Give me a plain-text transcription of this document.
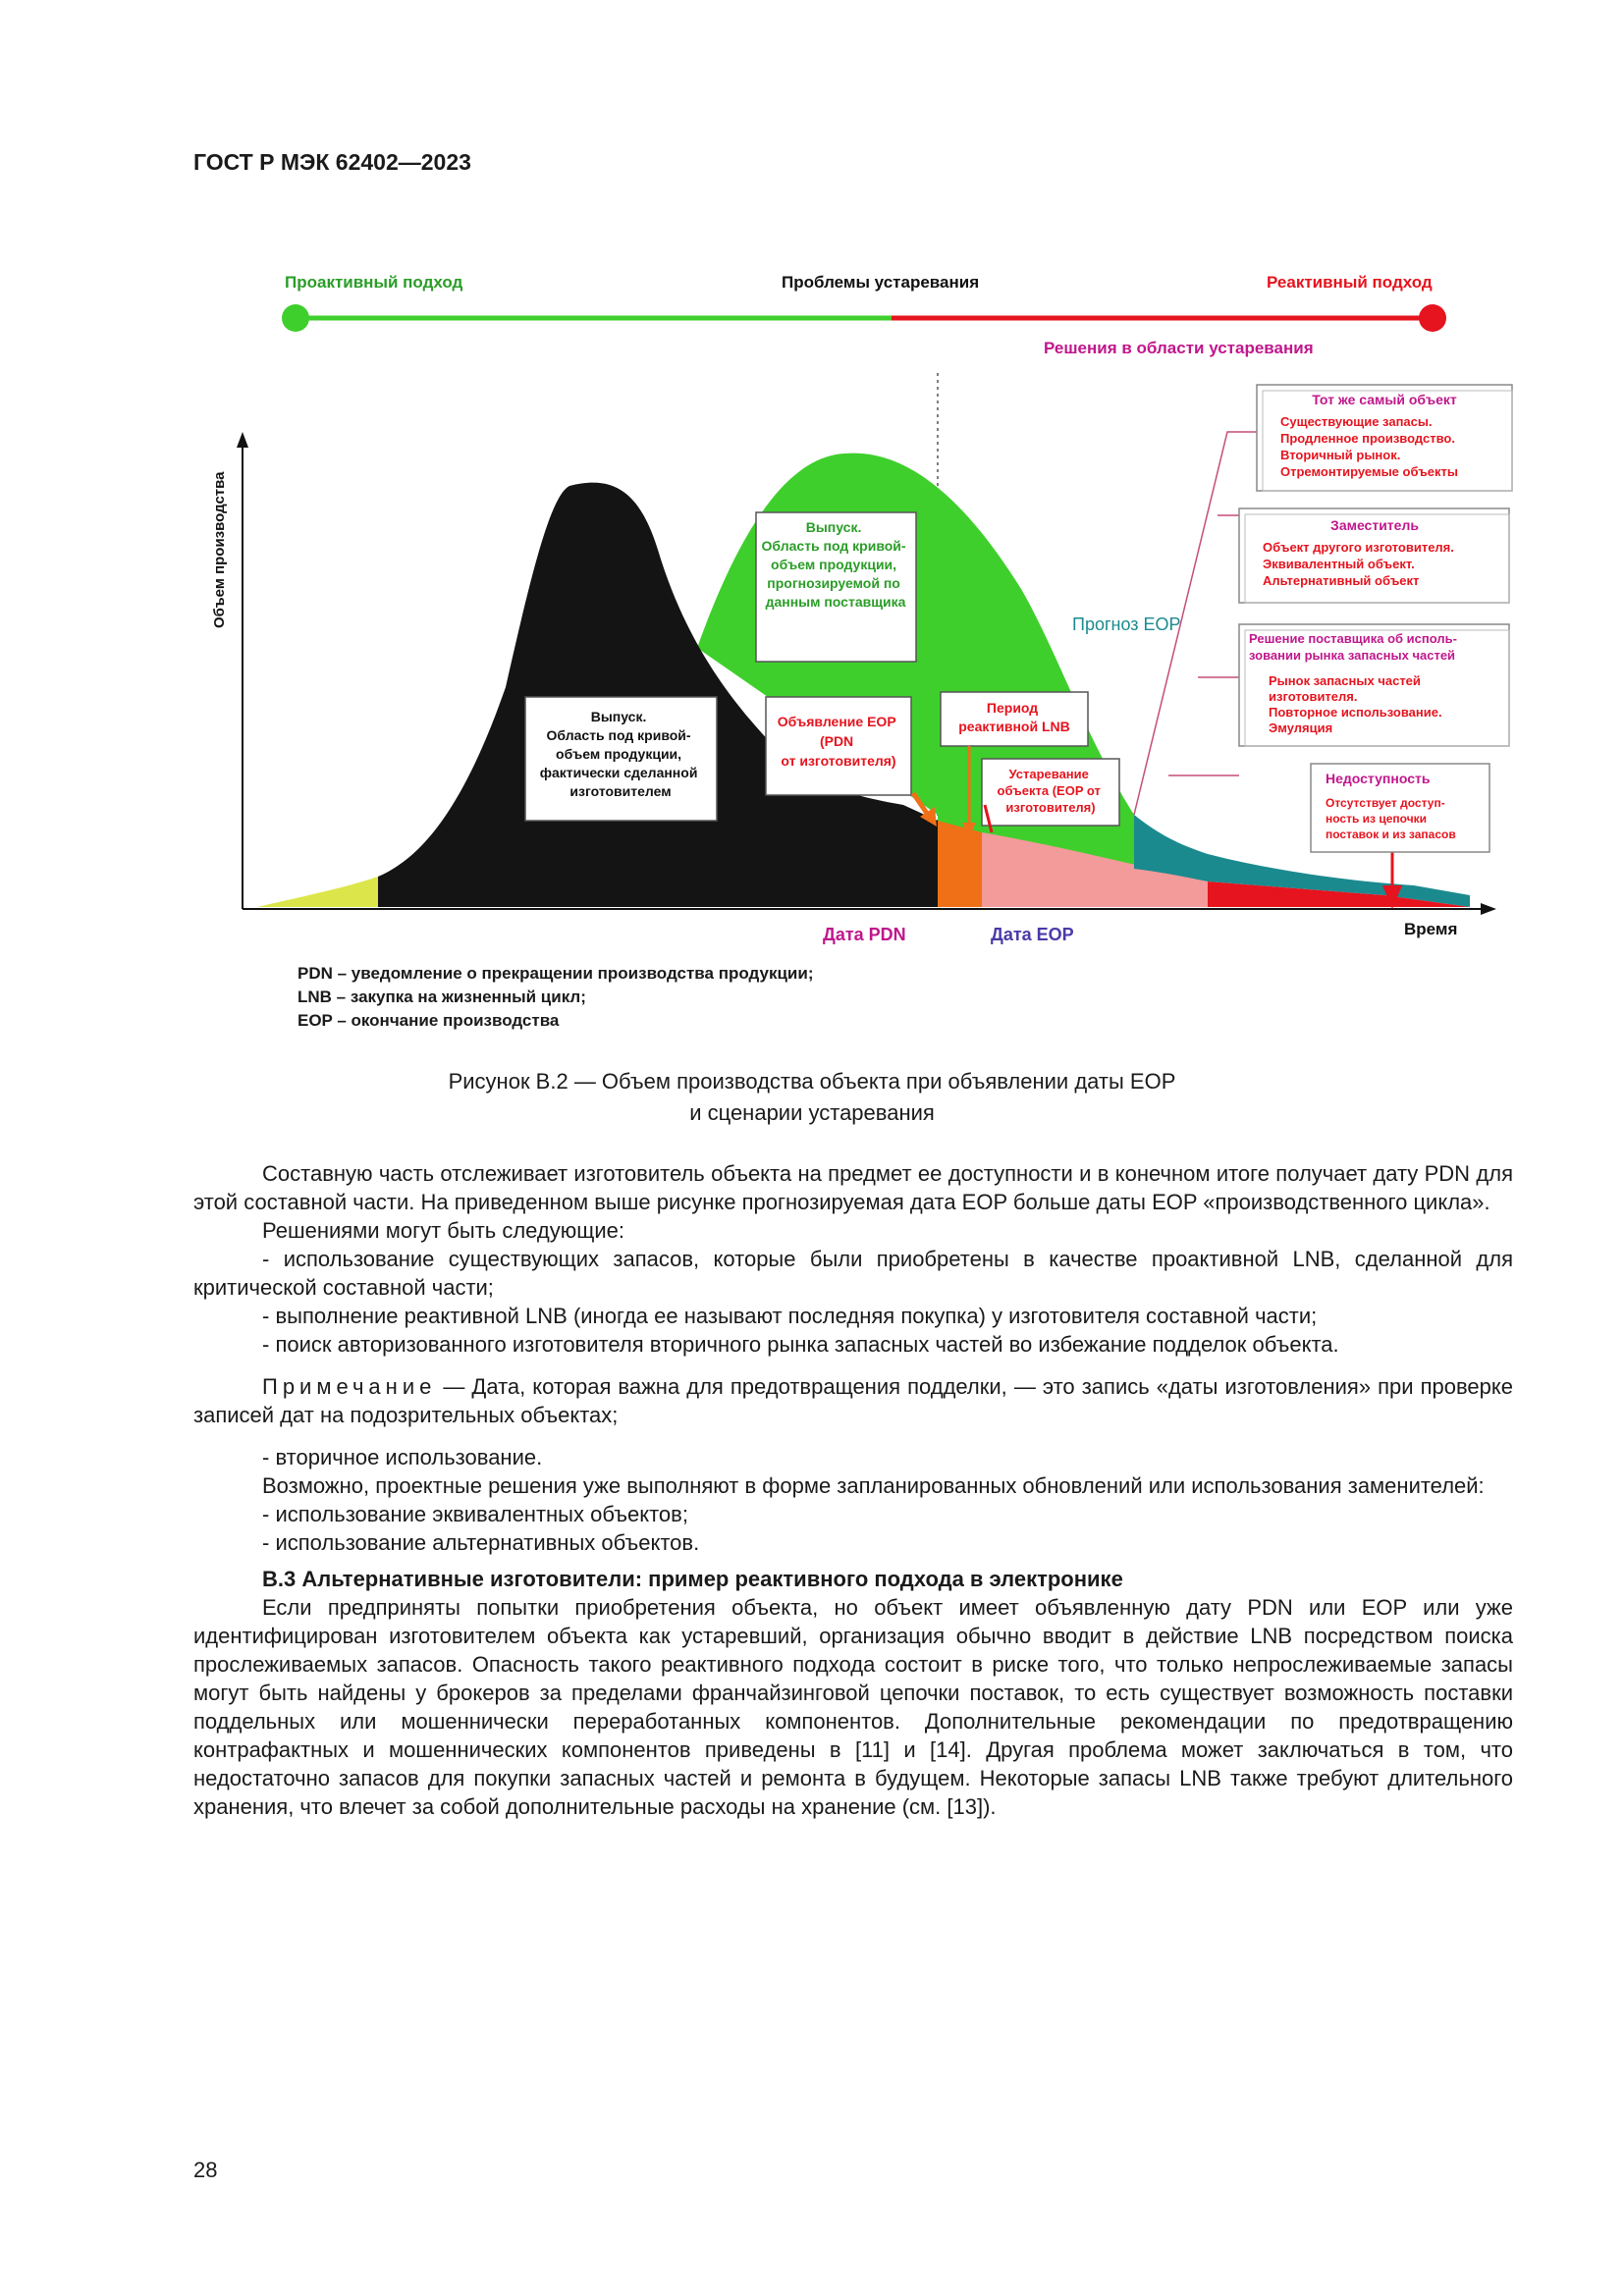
ГОСТ Р МЭК 62402—2023
Проактивный подход	Проблемы устаревания	Реактивный подход
Решения в области устаревания
Объем производства
Время
Дата PDN	Дата EOP
Прогноз EOP
Выпуск. Область под кривой- объем продукции, фактически сделанной изготовителем
Выпуск. Область под кривой- объем продукции, прогнозируемой по данным поставщика
Объявление EOP (PDN от изготовителя)
Период реактивной LNB
Устаревание объекта (EOP от изготовителя)
Тот же самый объект
Существующие запасы. Продленное производство. Вторичный рынок. Отремонтируемые объекты
Заместитель
Объект другого изготовителя. Эквивалентный объект. Альтернативный объект
Решение поставщика об исполь- зовании рынка запасных частей
Рынок запасных частей изготовителя. Повторное использование. Эмуляция
Недоступность
Отсутствует доступ- ность из цепочки поставок и из запасов
PDN – уведомление о прекращении производства продукции;
LNB – закупка на жизненный цикл;
EOP – окончание производства
Рисунок B.2 — Объем производства объекта при объявлении даты EOP
и сценарии устаревания

Составную часть отслеживает изготовитель объекта на предмет ее доступности и в конечном итоге получает дату PDN для этой составной части. На приведенном выше рисунке прогнозируемая дата EOP больше даты EOP «производственного цикла».

Решениями могут быть следующие:

- использование существующих запасов, которые были приобретены в качестве проактивной LNB, сделанной для критической составной части;

- выполнение реактивной LNB (иногда ее называют последняя покупка) у изготовителя составной части;

- поиск авторизованного изготовителя вторичного рынка запасных частей во избежание подделок объекта.

Примечание — Дата, которая важна для предотвращения подделки, — это запись «даты изготовления» при проверке записей дат на подозрительных объектах;

- вторичное использование.

Возможно, проектные решения уже выполняют в форме запланированных обновлений или использования заменителей:

- использование эквивалентных объектов;

- использование альтернативных объектов.

B.3 Альтернативные изготовители: пример реактивного подхода в электронике

Если предприняты попытки приобретения объекта, но объект имеет объявленную дату PDN или EOP или уже идентифицирован изготовителем объекта как устаревший, организация обычно вводит в действие LNB посредством поиска прослеживаемых запасов. Опасность такого реактивного подхода состоит в риске того, что только непрослеживаемые запасы могут быть найдены у брокеров за пределами франчайзинговой цепочки поставок, то есть существует возможность поставки поддельных или мошеннически переработанных компонентов. Дополнительные рекомендации по предотвращению контрафактных и мошеннических компонентов приведены в [11] и [14]. Другая проблема может заключаться в том, что недостаточно запасов для покупки запасных частей и ремонта в будущем. Некоторые запасы LNB также требуют длительного хранения, что влечет за собой дополнительные расходы на хранение (см. [13]).

28
